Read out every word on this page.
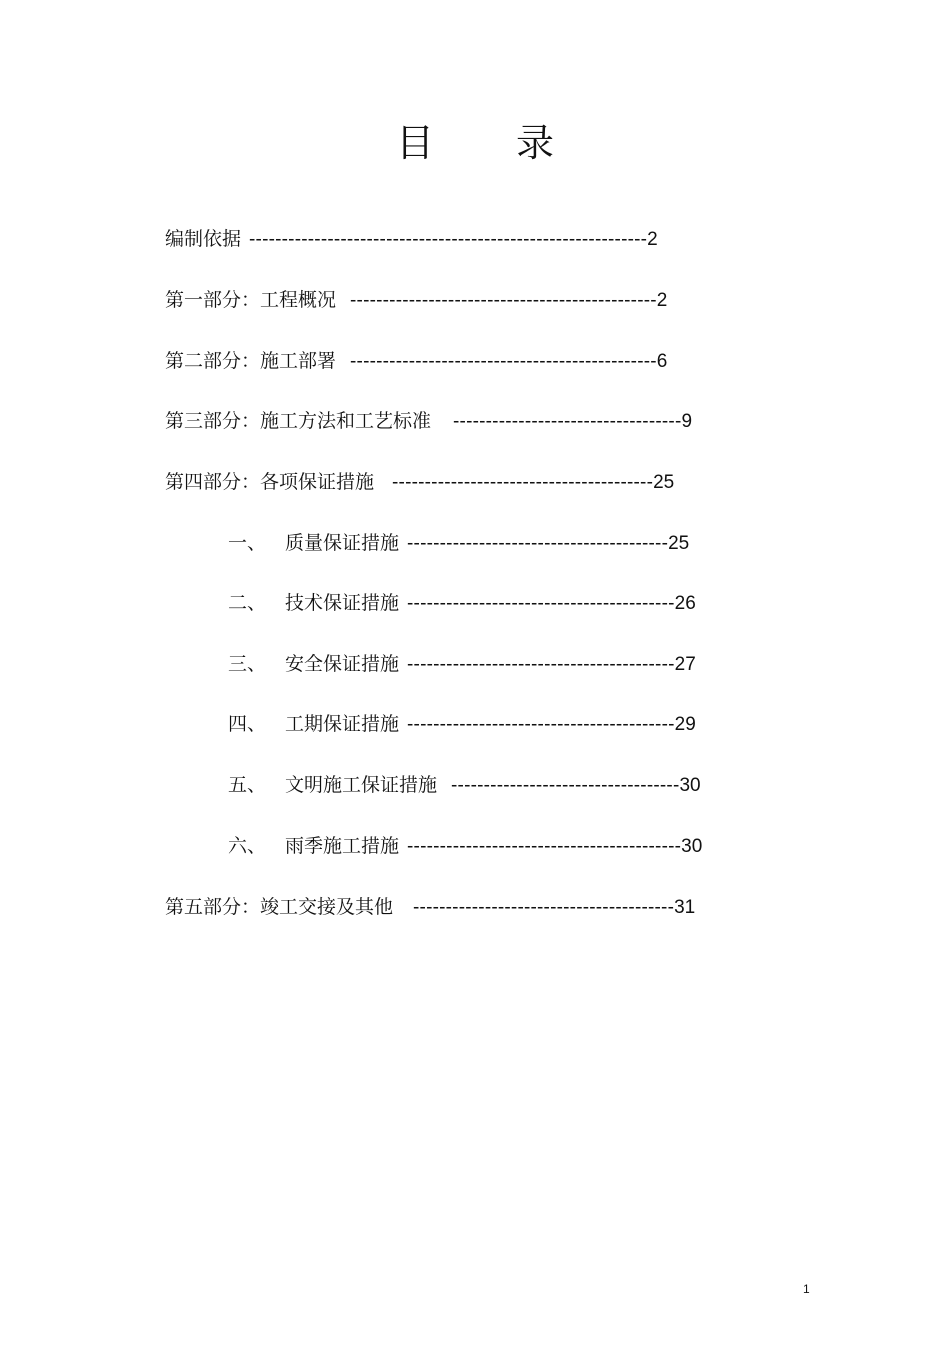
目 录
编制依据 ------------------------------------------------------------- 2
第一部分：工程概况 ----------------------------------------------- 2
第二部分：施工部署 ----------------------------------------------- 6
第三部分：施工方法和工艺标准 ----------------------------------- 9
第四部分：各项保证措施 ---------------------------------------- 25
一、 质量保证措施 ---------------------------------------- 25
二、 技术保证措施 ----------------------------------------- 26
三、 安全保证措施 ----------------------------------------- 27
四、 工期保证措施 ----------------------------------------- 29
五、 文明施工保证措施 ----------------------------------- 30
六、 雨季施工措施 ------------------------------------------ 30
第五部分：竣工交接及其他 ---------------------------------------- 31
1
